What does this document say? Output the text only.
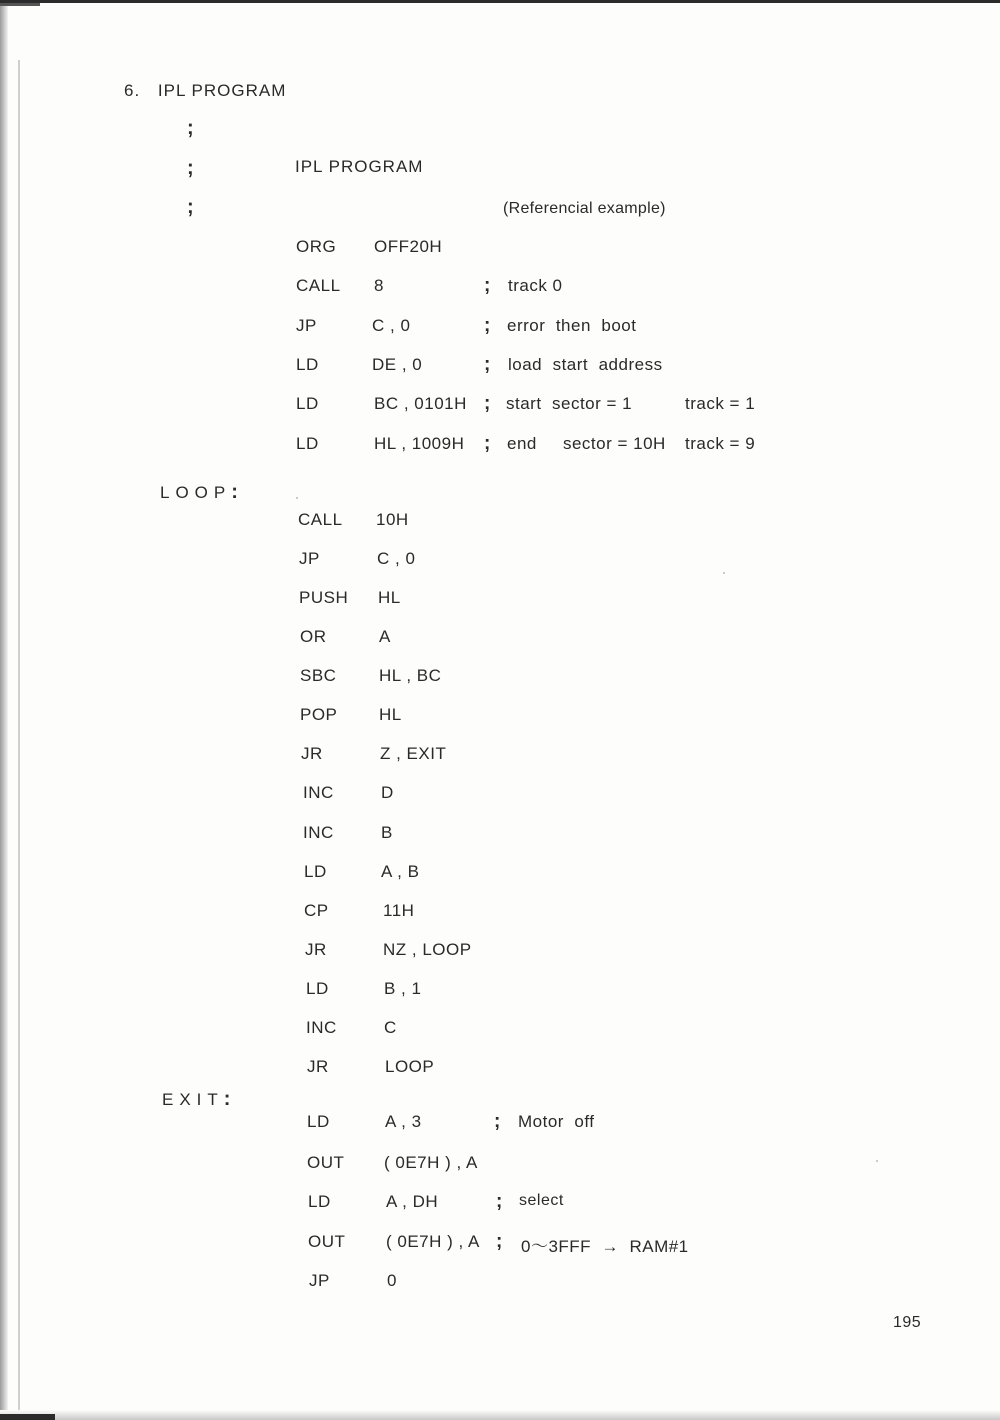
6. IPL PROGRAM
;
;
;
IPL PROGRAM
(Referencial example)
LOOP:
EXIT:
ORG OFF20H
CALL 8	; track 0
JP	C , 0	; error  then  boot
LD	DE , 0	; load  start  address
LD	BC , 0101H ; start  sector = 1	track = 1
LD	HL , 1009H ; end     sector = 10H track = 9
CALL 10H
JP	C , 0
PUSH HL
OR	A
SBC	HL , BC
POP HL
JR	Z , EXIT
INC	D
INC	B
LD	A , B
CP	11H
JR	NZ , LOOP
LD	B , 1
INC	C
JR	LOOP
LD	A , 3	; Motor  off
OUT ( 0E7H ) , A
LD	A , DH	; select
OUT ( 0E7H ) , A ; 0～3FFF  →  RAM#1
JP	0
195
